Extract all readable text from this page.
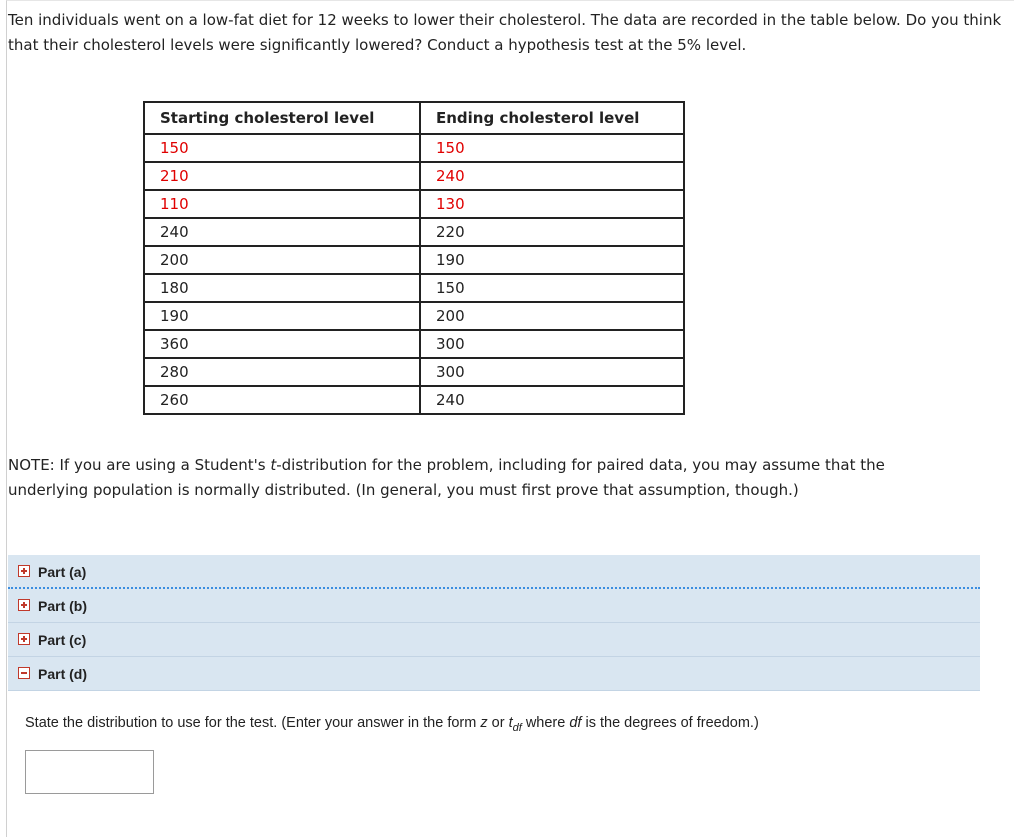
Ten individuals went on a low-fat diet for 12 weeks to lower their cholesterol. The data are recorded in the table below. Do you think that their cholesterol levels were significantly lowered? Conduct a hypothesis test at the 5% level.

Starting cholesterol level	Ending cholesterol level
150	150
210	240
110	130
240	220
200	190
180	150
190	200
360	300
280	300
260	240

NOTE: If you are using a Student's t-distribution for the problem, including for paired data, you may assume that the underlying population is normally distributed. (In general, you must first prove that assumption, though.)

Part (a)
Part (b)
Part (c)
Part (d)
State the distribution to use for the test. (Enter your answer in the form z or $t_{df}$ where df is the degrees of freedom.)
